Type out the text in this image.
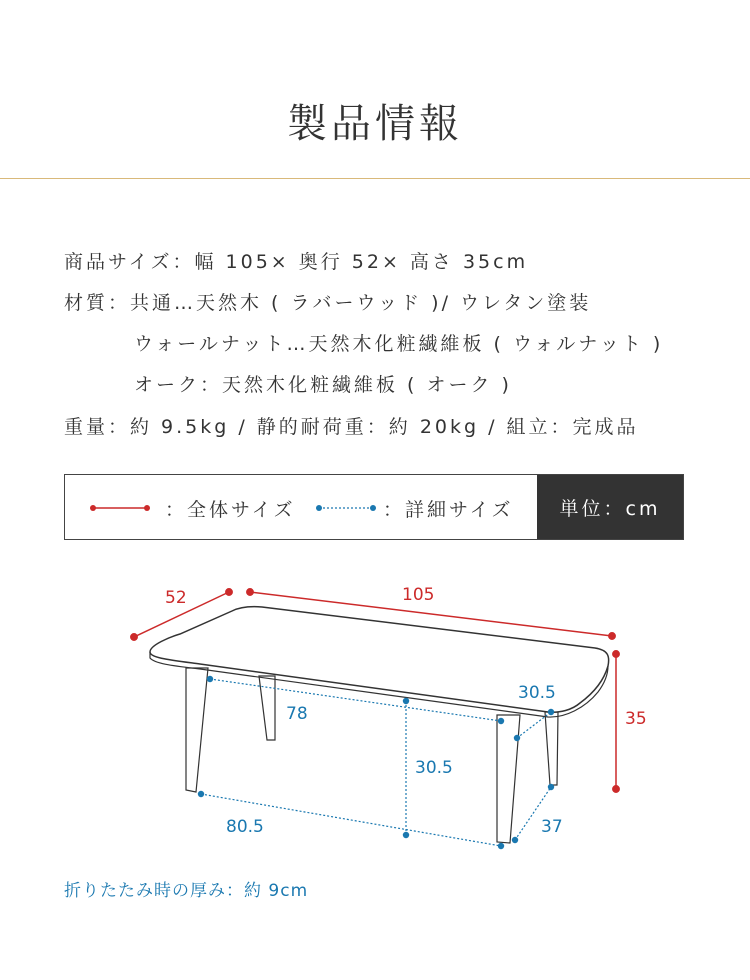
製品情報
商品サイズ：幅 105× 奥行 52× 高さ 35cm
材質：共通…天然木 ( ラバーウッド )/ ウレタン塗装
ウォールナット…天然木化粧繊維板 ( ウォルナット )
オーク：天然木化粧繊維板 ( オーク )
重量：約 9.5kg / 静的耐荷重：約 20kg / 組立：完成品
：全体サイズ	：詳細サイズ	単位：cm
52	105
35
78
30.5
30.5
80.5	37
折りたたみ時の厚み：約 9cm
